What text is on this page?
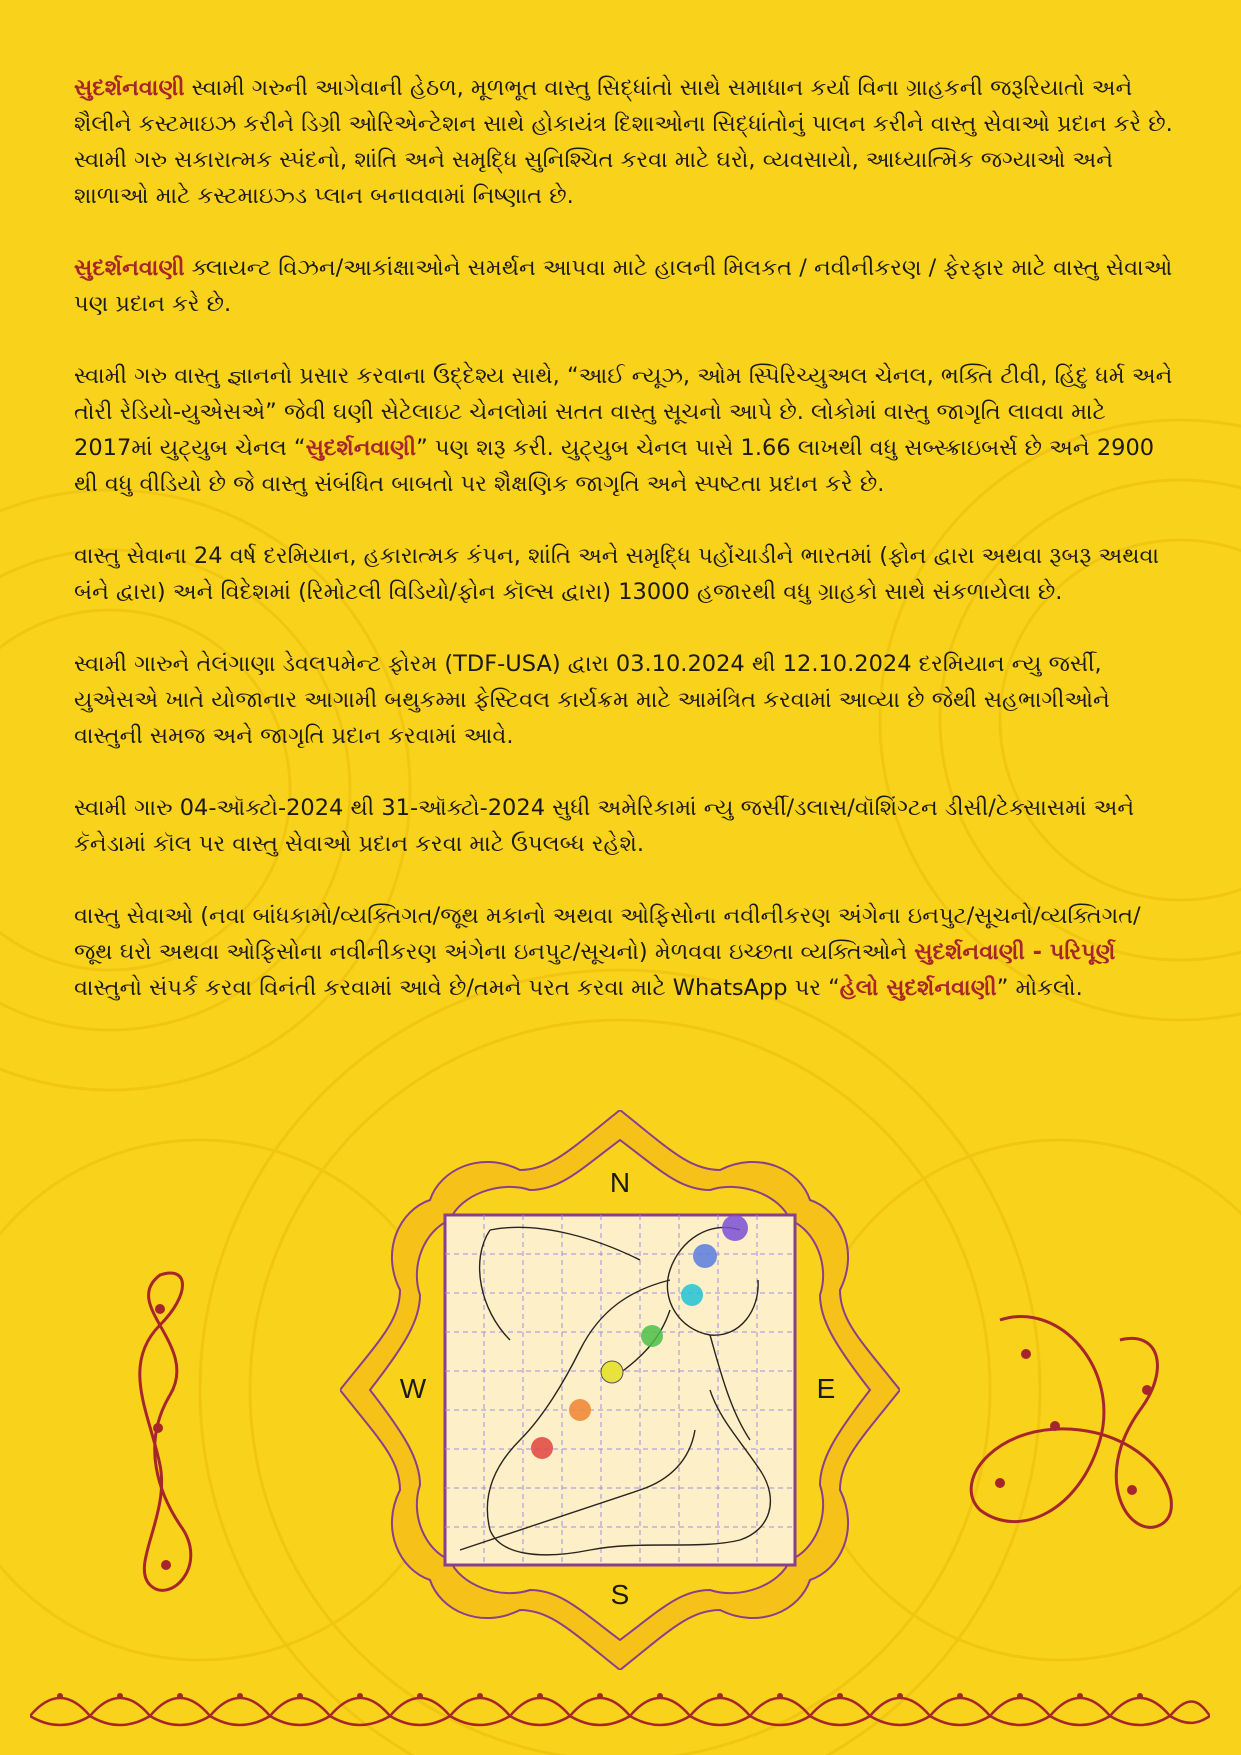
સુદર્શનવાણી સ્વામી ગરુની આગેવાની હેઠળ, મૂળભૂત વાસ્તુ સિદ્ધાંતો સાથે સમાધાન કર્યા વિના ગ્રાહકની જરૂરિયાતો અને શૈલીને કસ્ટમાઇઝ કરીને ડિગ્રી ઓરિએન્ટેશન સાથે હોકાયંત્ર દિશાઓના સિદ્ધાંતોનું પાલન કરીને વાસ્તુ સેવાઓ પ્રદાન કરે છે. સ્વામી ગરુ સકારાત્મક સ્પંદનો, શાંતિ અને સમૃદ્ધિ સુનિશ્ચિત કરવા માટે ઘરો, વ્યવસાયો, આધ્યાત્મિક જગ્યાઓ અને શાળાઓ માટે કસ્ટમાઇઝ્ડ પ્લાન બનાવવામાં નિષ્ણાત છે.

સુદર્શનવાણી ક્લાયન્ટ વિઝન/આકાંક્ષાઓને સમર્થન આપવા માટે હાલની મિલકત / નવીનીકરણ / ફેરફાર માટે વાસ્તુ સેવાઓ પણ પ્રદાન કરે છે.

સ્વામી ગરુ વાસ્તુ જ્ઞાનનો પ્રસાર કરવાના ઉદ્દેશ્ય સાથે, “આઈ ન્યૂઝ, ઓમ સ્પિરિચ્યુઅલ ચેનલ, ભક્તિ ટીવી, હિંદુ ધર્મ અને તોરી રેડિયો-યુએસએ” જેવી ઘણી સેટેલાઇટ ચેનલોમાં સતત વાસ્તુ સૂચનો આપે છે. લોકોમાં વાસ્તુ જાગૃતિ લાવવા માટે 2017માં યુટ્યુબ ચેનલ “સુદર્શનવાણી” પણ શરૂ કરી. યુટ્યુબ ચેનલ પાસે 1.66 લાખથી વધુ સબ્સ્ક્રાઇબર્સ છે અને 2900 થી વધુ વીડિયો છે જે વાસ્તુ સંબંધિત બાબતો પર શૈક્ષણિક જાગૃતિ અને સ્પષ્ટતા પ્રદાન કરે છે.

વાસ્તુ સેવાના 24 વર્ષ દરમિયાન, હકારાત્મક કંપન, શાંતિ અને સમૃદ્ધિ પહોંચાડીને ભારતમાં (ફોન દ્વારા અથવા રૂબરૂ અથવા બંને દ્વારા) અને વિદેશમાં (રિમોટલી વિડિયો/ફોન કૉલ્સ દ્વારા) 13000 હજારથી વધુ ગ્રાહકો સાથે સંકળાયેલા છે.

સ્વામી ગારુને તેલંગાણા ડેવલપમેન્ટ ફોરમ (TDF-USA) દ્વારા 03.10.2024 થી 12.10.2024 દરમિયાન ન્યુ જર્સી, યુએસએ ખાતે યોજાનાર આગામી બથુકમ્મા ફેસ્ટિવલ કાર્યક્રમ માટે આમંત્રિત કરવામાં આવ્યા છે જેથી સહભાગીઓને વાસ્તુની સમજ અને જાગૃતિ પ્રદાન કરવામાં આવે.

સ્વામી ગારુ 04-ઑક્ટો-2024 થી 31-ઑક્ટો-2024 સુધી અમેરિકામાં ન્યુ જર્સી/ડલાસ/વૉશિંગ્ટન ડીસી/ટેક્સાસમાં અને કૅનેડામાં કૉલ પર વાસ્તુ સેવાઓ પ્રદાન કરવા માટે ઉપલબ્ધ રહેશે.

વાસ્તુ સેવાઓ (નવા બાંધકામો/વ્યક્તિગત/જૂથ મકાનો અથવા ઓફિસોના નવીનીકરણ અંગેના ઇનપુટ/સૂચનો/વ્યક્તિગત/જૂથ ઘરો અથવા ઓફિસોના નવીનીકરણ અંગેના ઇનપુટ/સૂચનો) મેળવવા ઇચ્છતા વ્યક્તિઓને સુદર્શનવાણી - પરિપૂર્ણ વાસ્તુનો સંપર્ક કરવા વિનંતી કરવામાં આવે છે/તમને પરત કરવા માટે WhatsApp પર “હેલો સુદર્શનવાણી” મોકલો.

N
S
W	E
